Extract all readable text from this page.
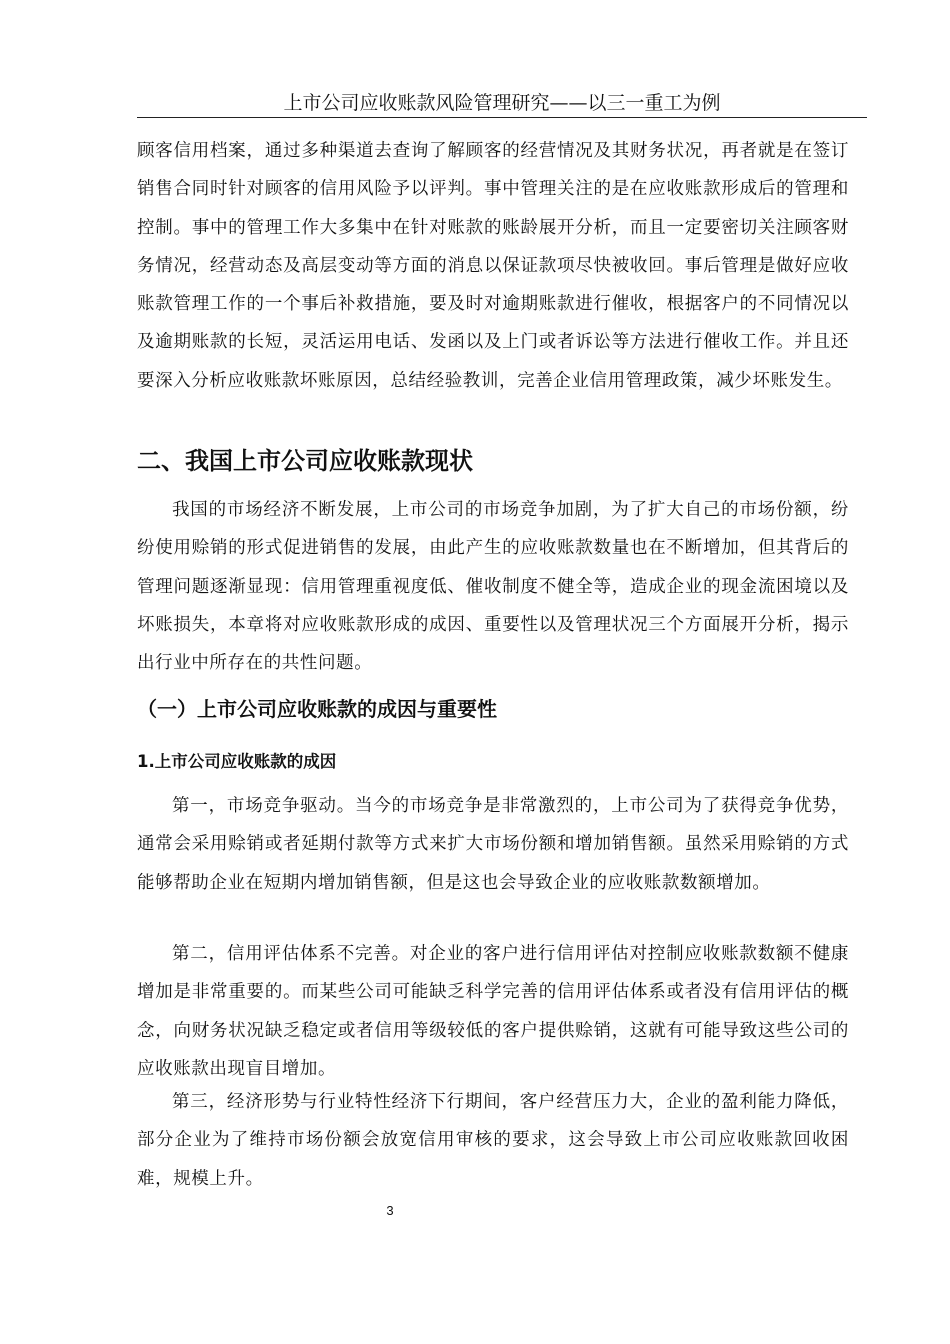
上市公司应收账款风险管理研究——以三一重工为例

顾客信用档案，通过多种渠道去查询了解顾客的经营情况及其财务状况，再者就是在签订销售合同时针对顾客的信用风险予以评判。事中管理关注的是在应收账款形成后的管理和控制。事中的管理工作大多集中在针对账款的账龄展开分析，而且一定要密切关注顾客财务情况，经营动态及高层变动等方面的消息以保证款项尽快被收回。事后管理是做好应收账款管理工作的一个事后补救措施，要及时对逾期账款进行催收，根据客户的不同情况以及逾期账款的长短，灵活运用电话、发函以及上门或者诉讼等方法进行催收工作。并且还要深入分析应收账款坏账原因，总结经验教训，完善企业信用管理政策，减少坏账发生。

二、我国上市公司应收账款现状

我国的市场经济不断发展，上市公司的市场竞争加剧，为了扩大自己的市场份额，纷纷使用赊销的形式促进销售的发展，由此产生的应收账款数量也在不断增加，但其背后的管理问题逐渐显现：信用管理重视度低、催收制度不健全等，造成企业的现金流困境以及坏账损失，本章将对应收账款形成的成因、重要性以及管理状况三个方面展开分析，揭示出行业中所存在的共性问题。

（一）上市公司应收账款的成因与重要性
1.上市公司应收账款的成因

第一，市场竞争驱动。当今的市场竞争是非常激烈的，上市公司为了获得竞争优势，通常会采用赊销或者延期付款等方式来扩大市场份额和增加销售额。虽然采用赊销的方式能够帮助企业在短期内增加销售额，但是这也会导致企业的应收账款数额增加。

第二，信用评估体系不完善。对企业的客户进行信用评估对控制应收账款数额不健康增加是非常重要的。而某些公司可能缺乏科学完善的信用评估体系或者没有信用评估的概念，向财务状况缺乏稳定或者信用等级较低的客户提供赊销，这就有可能导致这些公司的应收账款出现盲目增加。

第三，经济形势与行业特性经济下行期间，客户经营压力大，企业的盈利能力降低，部分企业为了维持市场份额会放宽信用审核的要求，这会导致上市公司应收账款回收困难，规模上升。

3
